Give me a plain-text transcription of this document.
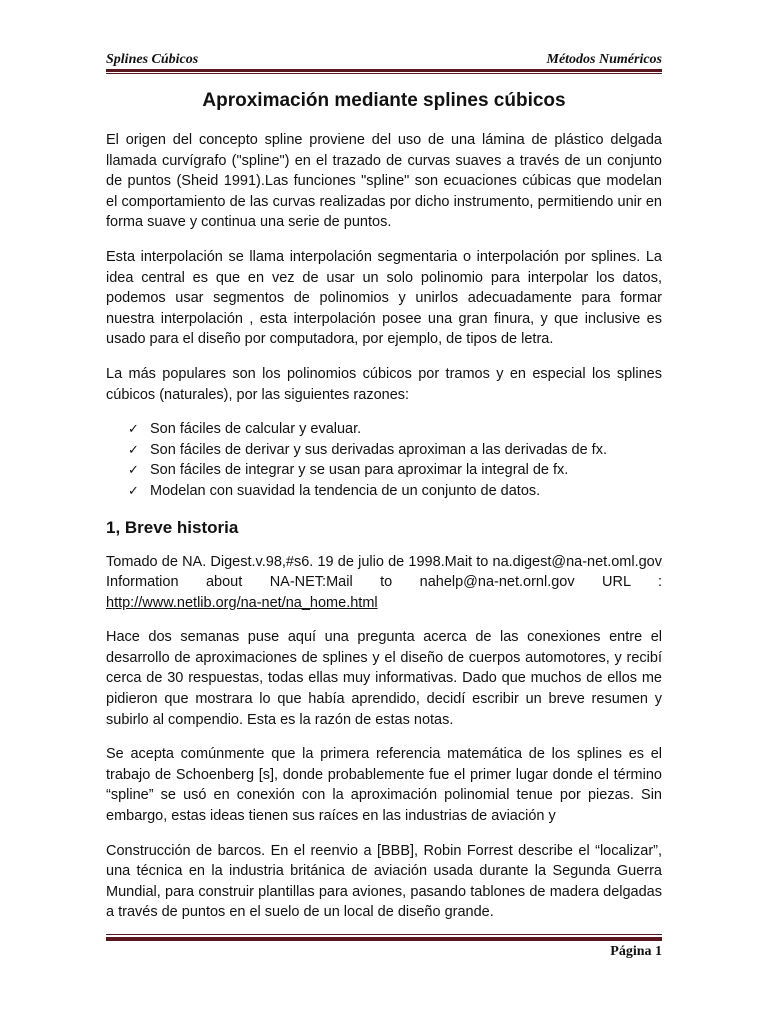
Splines Cúbicos	Métodos Numéricos
Aproximación mediante splines cúbicos

El origen del concepto spline proviene del uso de una lámina de plástico delgada llamada curvígrafo ("spline") en el trazado de curvas suaves a través de un conjunto de puntos (Sheid 1991).Las funciones "spline" son ecuaciones cúbicas que modelan el comportamiento de las curvas realizadas por dicho instrumento, permitiendo unir en forma suave y continua una serie de puntos.

Esta interpolación se llama interpolación segmentaria o interpolación por splines. La idea central es que en vez de usar un solo polinomio para interpolar los datos, podemos usar segmentos de polinomios y unirlos adecuadamente para formar nuestra interpolación , esta interpolación posee una gran finura, y que inclusive es usado para el diseño por computadora, por ejemplo, de tipos de letra.

La más populares son los polinomios cúbicos por tramos y en especial los splines cúbicos (naturales), por las siguientes razones:

✓ Son fáciles de calcular y evaluar.
✓ Son fáciles de derivar y sus derivadas aproximan a las derivadas de fx.
✓ Son fáciles de integrar y se usan para aproximar la integral de fx.
✓ Modelan con suavidad la tendencia de un conjunto de datos.
1, Breve historia

Tomado de NA. Digest.v.98,#s6. 19 de julio de 1998.Mait to na.digest@na-net.oml.gov Information about NA-NET:Mail to nahelp@na-net.ornl.gov URL : http://www.netlib.org/na-net/na_home.html

Hace dos semanas puse aquí una pregunta acerca de las conexiones entre el desarrollo de aproximaciones de splines y el diseño de cuerpos automotores, y recibí cerca de 30 respuestas, todas ellas muy informativas. Dado que muchos de ellos me pidieron que mostrara lo que había aprendido, decidí escribir un breve resumen y subirlo al compendio. Esta es la razón de estas notas.

Se acepta comúnmente que la primera referencia matemática de los splines es el trabajo de Schoenberg [s], donde probablemente fue el primer lugar donde el término “spline” se usó en conexión con la aproximación polinomial tenue por piezas. Sin embargo, estas ideas tienen sus raíces en las industrias de aviación y

Construcción de barcos. En el reenvio a [BBB], Robin Forrest describe el “localizar”, una técnica en la industria británica de aviación usada durante la Segunda Guerra Mundial, para construir plantillas para aviones, pasando tablones de madera delgadas a través de puntos en el suelo de un local de diseño grande.

Página 1
